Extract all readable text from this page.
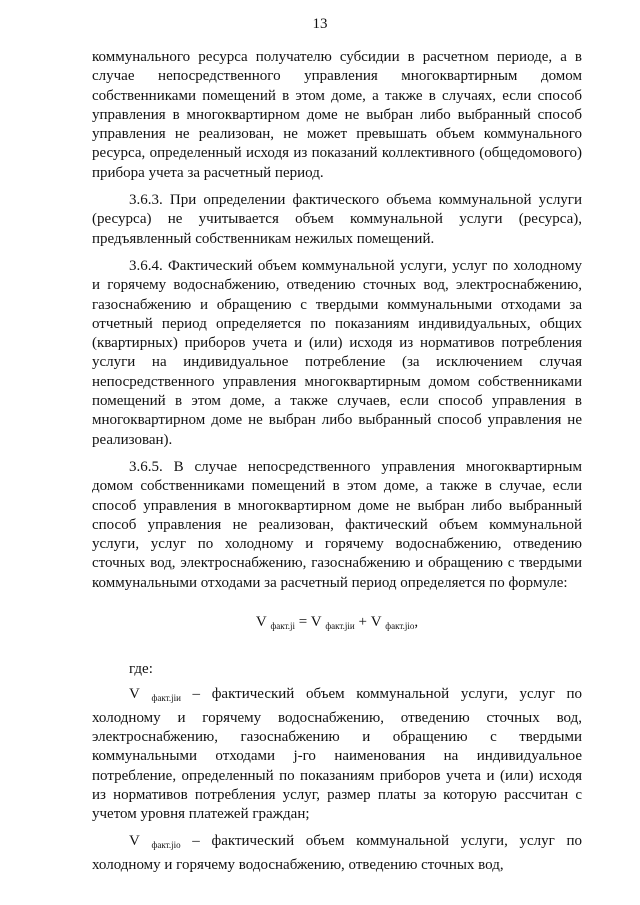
13

коммунального ресурса получателю субсидии в расчетном периоде, а в случае непосредственного управления многоквартирным домом собственниками помещений в этом доме, а также в случаях, если способ управления в многоквартирном доме не выбран либо выбранный способ управления не реализован, не может превышать объем коммунального ресурса, определенный исходя из показаний коллективного (общедомового) прибора учета за расчетный период.

3.6.3. При определении фактического объема коммунальной услуги (ресурса) не учитывается объем коммунальной услуги (ресурса), предъявленный собственникам нежилых помещений.

3.6.4. Фактический объем коммунальной услуги, услуг по холодному и горячему водоснабжению, отведению сточных вод, электроснабжению, газоснабжению и обращению с твердыми коммунальными отходами за отчетный период определяется по показаниям индивидуальных, общих (квартирных) приборов учета и (или) исходя из нормативов потребления услуги на индивидуальное потребление (за исключением случая непосредственного управления многоквартирным домом собственниками помещений в этом доме, а также случаев, если способ управления в многоквартирном доме не выбран либо выбранный способ управления не реализован).

3.6.5. В случае непосредственного управления многоквартирным домом собственниками помещений в этом доме, а также в случае, если способ управления в многоквартирном доме не выбран либо выбранный способ управления не реализован, фактический объем коммунальной услуги, услуг по холодному и горячему водоснабжению, отведению сточных вод, электроснабжению, газоснабжению и обращению с твердыми коммунальными отходами за расчетный период определяется по формуле:

V $_{факт.ji}$ = V $_{факт.jiи}$ + V $_{факт.jiо}$,

где:

V $_{факт.jiи}$ – фактический объем коммунальной услуги, услуг по холодному и горячему водоснабжению, отведению сточных вод, электроснабжению, газоснабжению и обращению с твердыми коммунальными отходами j-го наименования на индивидуальное потребление, определенный по показаниям приборов учета и (или) исходя из нормативов потребления услуг, размер платы за которую рассчитан с учетом уровня платежей граждан;

V $_{факт.jiо}$ – фактический объем коммунальной услуги, услуг по холодному и горячему водоснабжению, отведению сточных вод,
